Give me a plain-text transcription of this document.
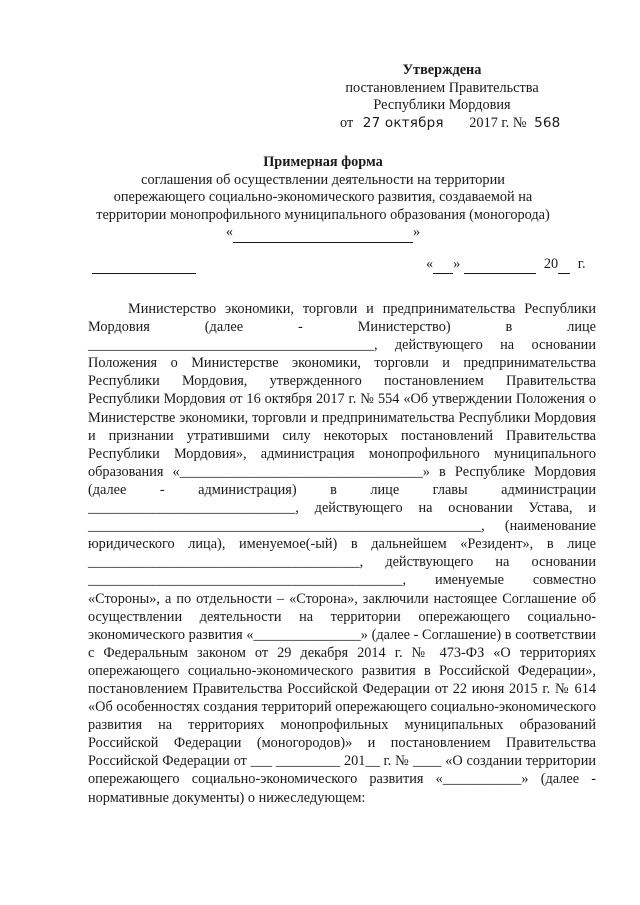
Утверждена
постановлением Правительства
Республики Мордовия
от 27 октября 2017 г. № 568
Примерная форма
соглашения об осуществлении деятельности на территории
опережающего социально-экономического развития, создаваемой на
территории монопрофильного муниципального образования (моногорода)
«	»
« »	20 г.

Министерство экономики, торговли и предпринимательства Республики Мордовия (далее - Министерство) в лице ________________________________________, действующего на основании Положения о Министерстве экономики, торговли и предпринимательства Республики Мордовия, утвержденного постановлением Правительства Республики Мордовия от 16 октября 2017 г. № 554 «Об утверждении Положения о Министерстве экономики, торговли и предпринимательства Республики Мордовия и признании утратившими силу некоторых постановлений Правительства Республики Мордовия», администрация монопрофильного муниципального образования «__________________________________» в Республике Мордовия (далее - администрация) в лице главы администрации _____________________________, действующего на основании Устава, и _______________________________________________________, (наименование юридического лица), именуемое(-ый) в дальнейшем «Резидент», в лице ______________________________________, действующего на основании ____________________________________________, именуемые совместно «Стороны», а по отдельности – «Сторона», заключили настоящее Соглашение об осуществлении деятельности на территории опережающего социально-экономического развития «_______________» (далее - Соглашение) в соответствии с Федеральным законом от 29 декабря 2014 г. № 473-ФЗ «О территориях опережающего социально-экономического развития в Российской Федерации», постановлением Правительства Российской Федерации от 22 июня 2015 г. № 614 «Об особенностях создания территорий опережающего социально-экономического развития на территориях монопрофильных муниципальных образований Российской Федерации (моногородов)» и постановлением Правительства Российской Федерации от ___ _________ 201__ г. № ____ «О создании территории опережающего социально-экономического развития «___________» (далее - нормативные документы) о нижеследующем:
